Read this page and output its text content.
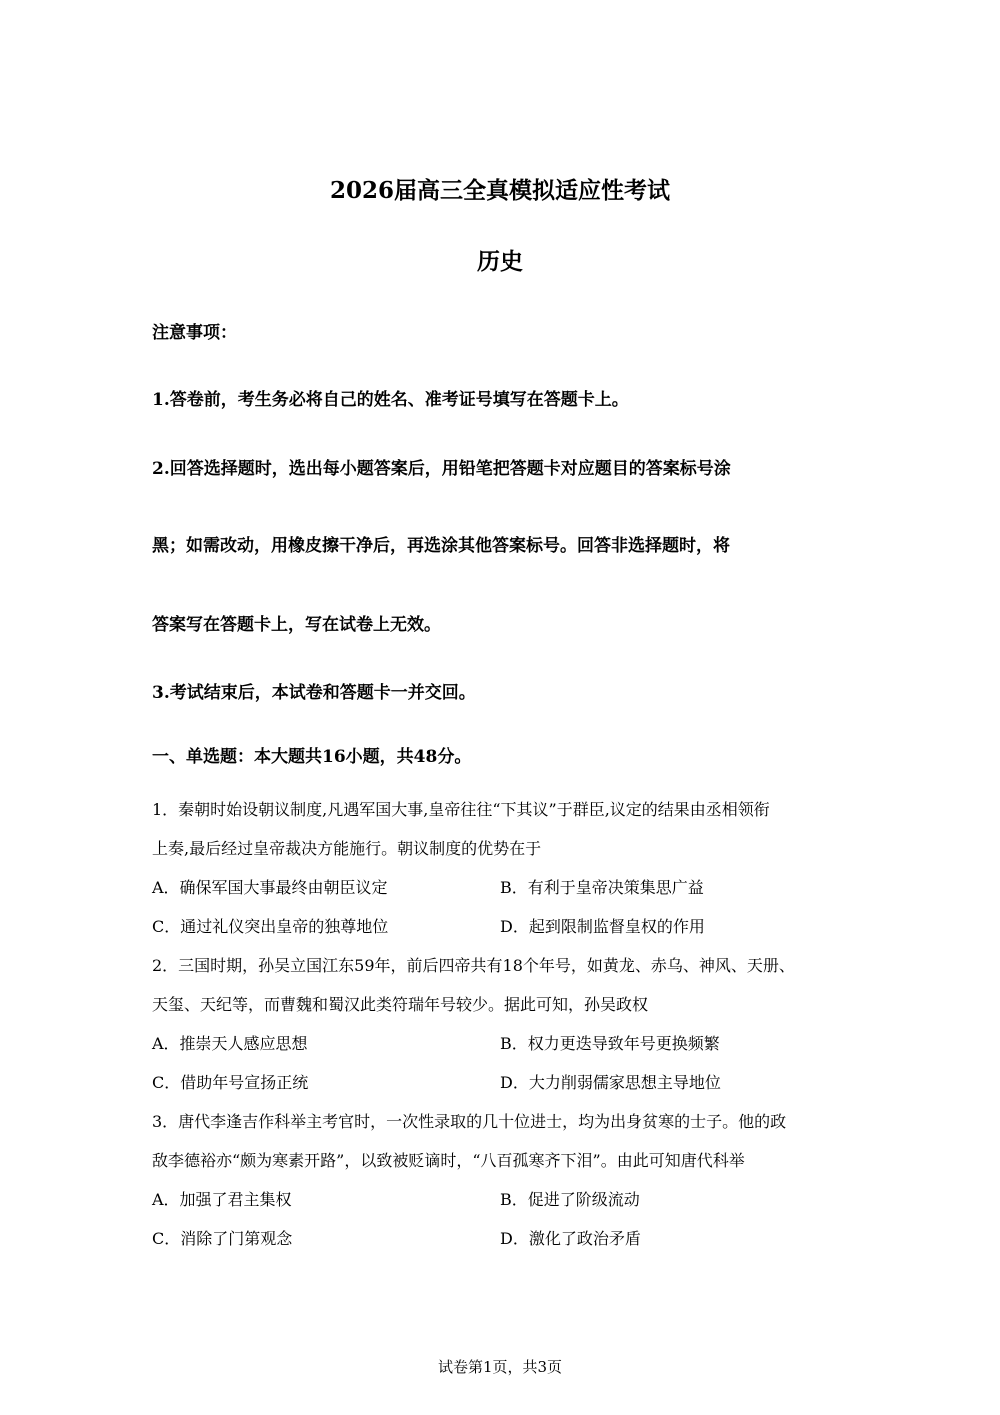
2026届高三全真模拟适应性考试
历史
注意事项：
1.答卷前，考生务必将自己的姓名、准考证号填写在答题卡上。
2.回答选择题时，选出每小题答案后，用铅笔把答题卡对应题目的答案标号涂
黑；如需改动，用橡皮擦干净后，再选涂其他答案标号。回答非选择题时，将
答案写在答题卡上，写在试卷上无效。
3.考试结束后，本试卷和答题卡一并交回。
一、单选题：本大题共16小题，共48分。
1．秦朝时始设朝议制度,凡遇军国大事,皇帝往往“下其议”于群臣,议定的结果由丞相领衔
上奏,最后经过皇帝裁决方能施行。朝议制度的优势在于
A．确保军国大事最终由朝臣议定	B．有利于皇帝决策集思广益
C．通过礼仪突出皇帝的独尊地位	D．起到限制监督皇权的作用
2．三国时期，孙吴立国江东59年，前后四帝共有18个年号，如黄龙、赤乌、神风、天册、
天玺、天纪等，而曹魏和蜀汉此类符瑞年号较少。据此可知，孙吴政权
A．推崇天人感应思想	B．权力更迭导致年号更换频繁
C．借助年号宣扬正统	D．大力削弱儒家思想主导地位
3．唐代李逢吉作科举主考官时，一次性录取的几十位进士，均为出身贫寒的士子。他的政
敌李德裕亦“颇为寒素开路”，以致被贬谪时，“八百孤寒齐下泪”。由此可知唐代科举
A．加强了君主集权	B．促进了阶级流动
C．消除了门第观念	D．激化了政治矛盾
试卷第1页，共3页
